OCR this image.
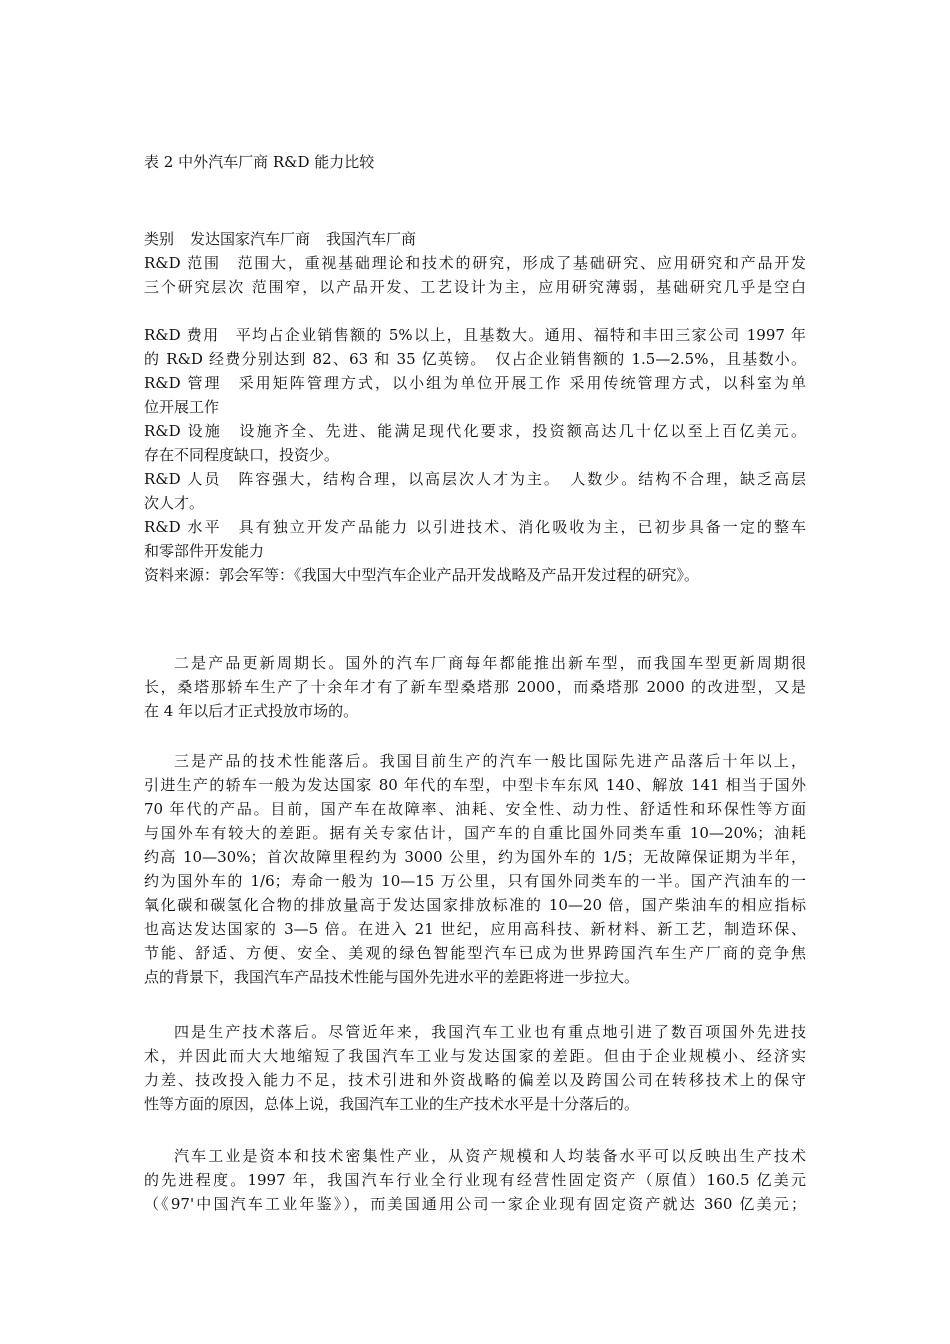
表 2 中外汽车厂商 R&D 能力比较
类别 发达国家汽车厂商 我国汽车厂商
R&D 范围　范围大，重视基础理论和技术的研究，形成了基础研究、应用研究和产品开发
三个研究层次 范围窄，以产品开发、工艺设计为主，应用研究薄弱，基础研究几乎是空白
R&D 费用　平均占企业销售额的 5%以上，且基数大。通用、福特和丰田三家公司 1997 年
的 R&D 经费分别达到 82、63 和 35 亿英镑。　仅占企业销售额的 1.5—2.5%，且基数小。
R&D 管理　采用矩阵管理方式，以小组为单位开展工作 采用传统管理方式，以科室为单
位开展工作
R&D 设施　设施齐全、先进、能满足现代化要求，投资额高达几十亿以至上百亿美元。
存在不同程度缺口，投资少。
R&D 人员　阵容强大，结构合理，以高层次人才为主。　人数少。结构不合理，缺乏高层
次人才。
R&D 水平　具有独立开发产品能力 以引进技术、消化吸收为主，已初步具备一定的整车
和零部件开发能力
资料来源：郭会军等：《我国大中型汽车企业产品开发战略及产品开发过程的研究》。
二是产品更新周期长。国外的汽车厂商每年都能推出新车型，而我国车型更新周期很
长，桑塔那轿车生产了十余年才有了新车型桑塔那 2000，而桑塔那 2000 的改进型，又是
在 4 年以后才正式投放市场的。
三是产品的技术性能落后。我国目前生产的汽车一般比国际先进产品落后十年以上，
引进生产的轿车一般为发达国家 80 年代的车型，中型卡车东风 140、解放 141 相当于国外
70 年代的产品。目前，国产车在故障率、油耗、安全性、动力性、舒适性和环保性等方面
与国外车有较大的差距。据有关专家估计，国产车的自重比国外同类车重 10—20%；油耗
约高 10—30%；首次故障里程约为 3000 公里，约为国外车的 1/5；无故障保证期为半年，
约为国外车的 1/6；寿命一般为 10—15 万公里，只有国外同类车的一半。国产汽油车的一
氧化碳和碳氢化合物的排放量高于发达国家排放标准的 10—20 倍，国产柴油车的相应指标
也高达发达国家的 3—5 倍。在进入 21 世纪，应用高科技、新材料、新工艺，制造环保、
节能、舒适、方便、安全、美观的绿色智能型汽车已成为世界跨国汽车生产厂商的竞争焦
点的背景下，我国汽车产品技术性能与国外先进水平的差距将进一步拉大。
四是生产技术落后。尽管近年来，我国汽车工业也有重点地引进了数百项国外先进技
术，并因此而大大地缩短了我国汽车工业与发达国家的差距。但由于企业规模小、经济实
力差、技改投入能力不足，技术引进和外资战略的偏差以及跨国公司在转移技术上的保守
性等方面的原因，总体上说，我国汽车工业的生产技术水平是十分落后的。
汽车工业是资本和技术密集性产业，从资产规模和人均装备水平可以反映出生产技术
的先进程度。1997 年，我国汽车行业全行业现有经营性固定资产（原值）160.5 亿美元
（《97'中国汽车工业年鉴》），而美国通用公司一家企业现有固定资产就达 360 亿美元；
